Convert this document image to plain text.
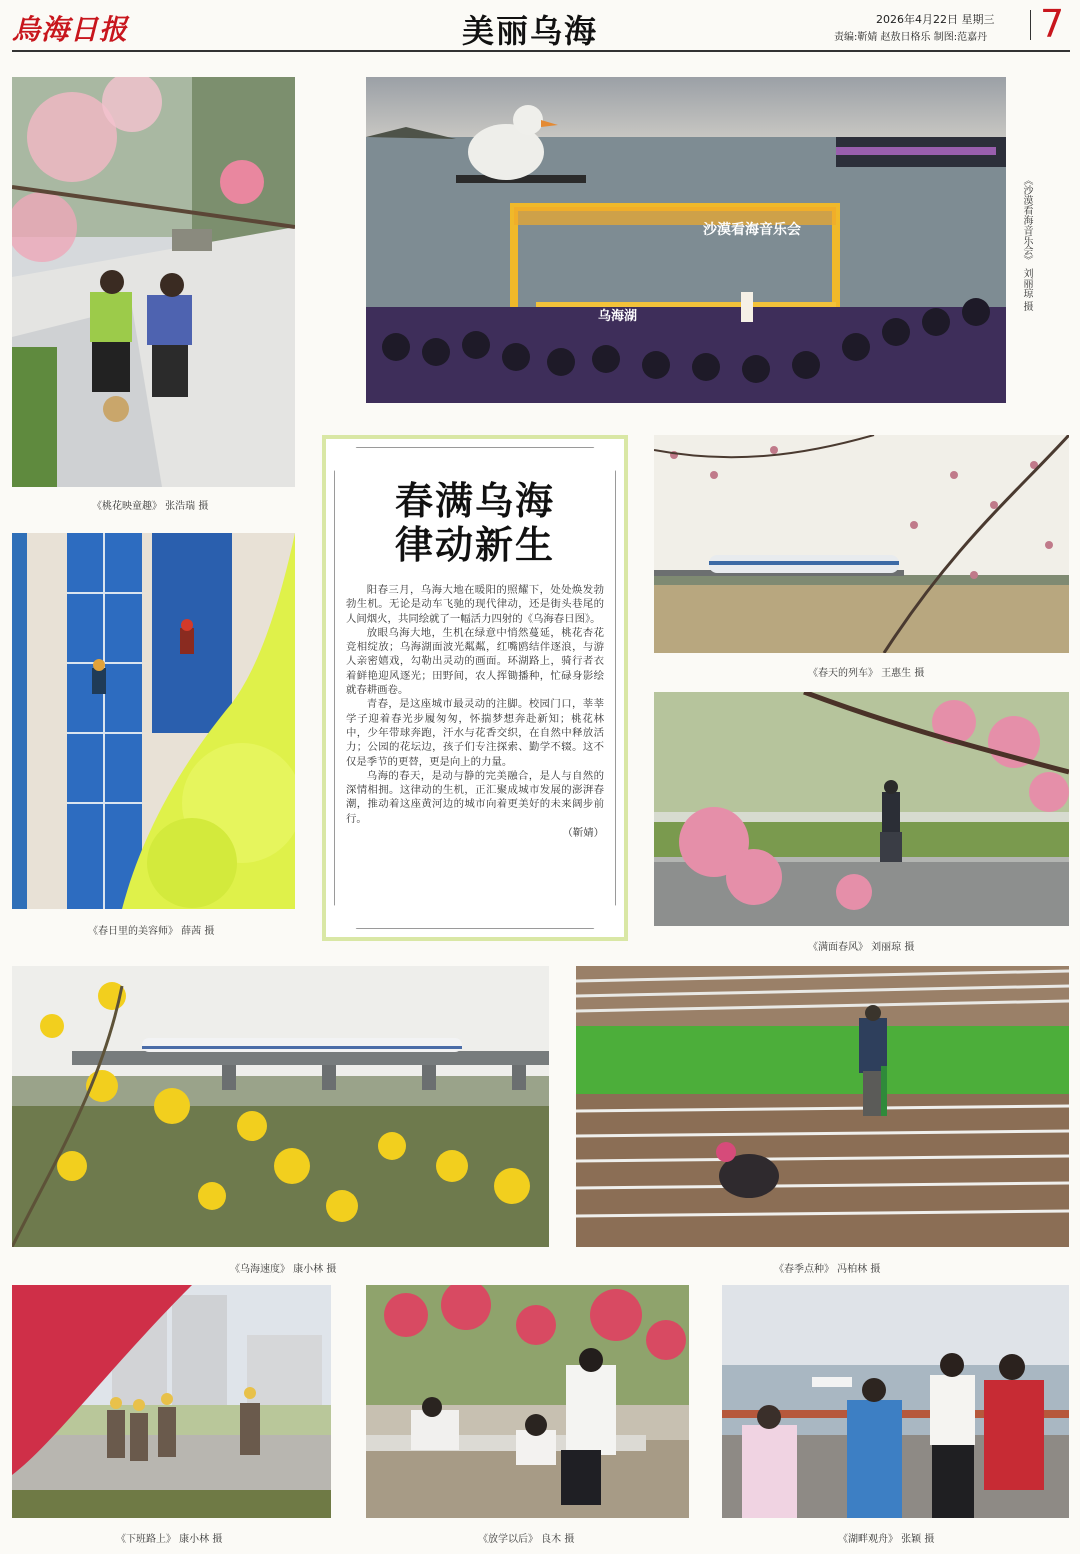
烏海日报	美丽乌海	2026年4月22日 星期三
责编:靳婧 赵敖日格乐 制图:范嘉丹 7
《桃花映童趣》 张浩瑞 摄
沙漠看海音乐会
乌海湖
《沙漠看海音乐会》 刘丽琼 摄
春满乌海
律动新生

阳春三月，乌海大地在暖阳的照耀下，处处焕发勃勃生机。无论是动车飞驰的现代律动，还是街头巷尾的人间烟火，共同绘就了一幅活力四射的《乌海春日图》。

放眼乌海大地，生机在绿意中悄然蔓延，桃花杏花竞相绽放；乌海湖面波光粼粼，红嘴鸥结伴逐浪，与游人亲密嬉戏，勾勒出灵动的画面。环湖路上，骑行者衣着鲜艳迎风逐光；田野间，农人挥锄播种，忙碌身影绘就春耕画卷。

青春，是这座城市最灵动的注脚。校园门口，莘莘学子迎着春光步履匆匆，怀揣梦想奔赴新知；桃花林中，少年带球奔跑，汗水与花香交织，在自然中释放活力；公园的花坛边，孩子们专注探索、勤学不辍。这不仅是季节的更替，更是向上的力量。

乌海的春天，是动与静的完美融合，是人与自然的深情相拥。这律动的生机，正汇聚成城市发展的澎湃春潮，推动着这座黄河边的城市向着更美好的未来阔步前行。

（靳婧）
《春日里的美容师》 薛茜 摄
《春天的列车》 王惠生 摄
《满面春风》 刘丽琼 摄
《乌海速度》 康小林 摄	《春季点种》 冯柏林 摄
《下班路上》 康小林 摄	《放学以后》 良木 摄	《湖畔观舟》 张颖 摄
